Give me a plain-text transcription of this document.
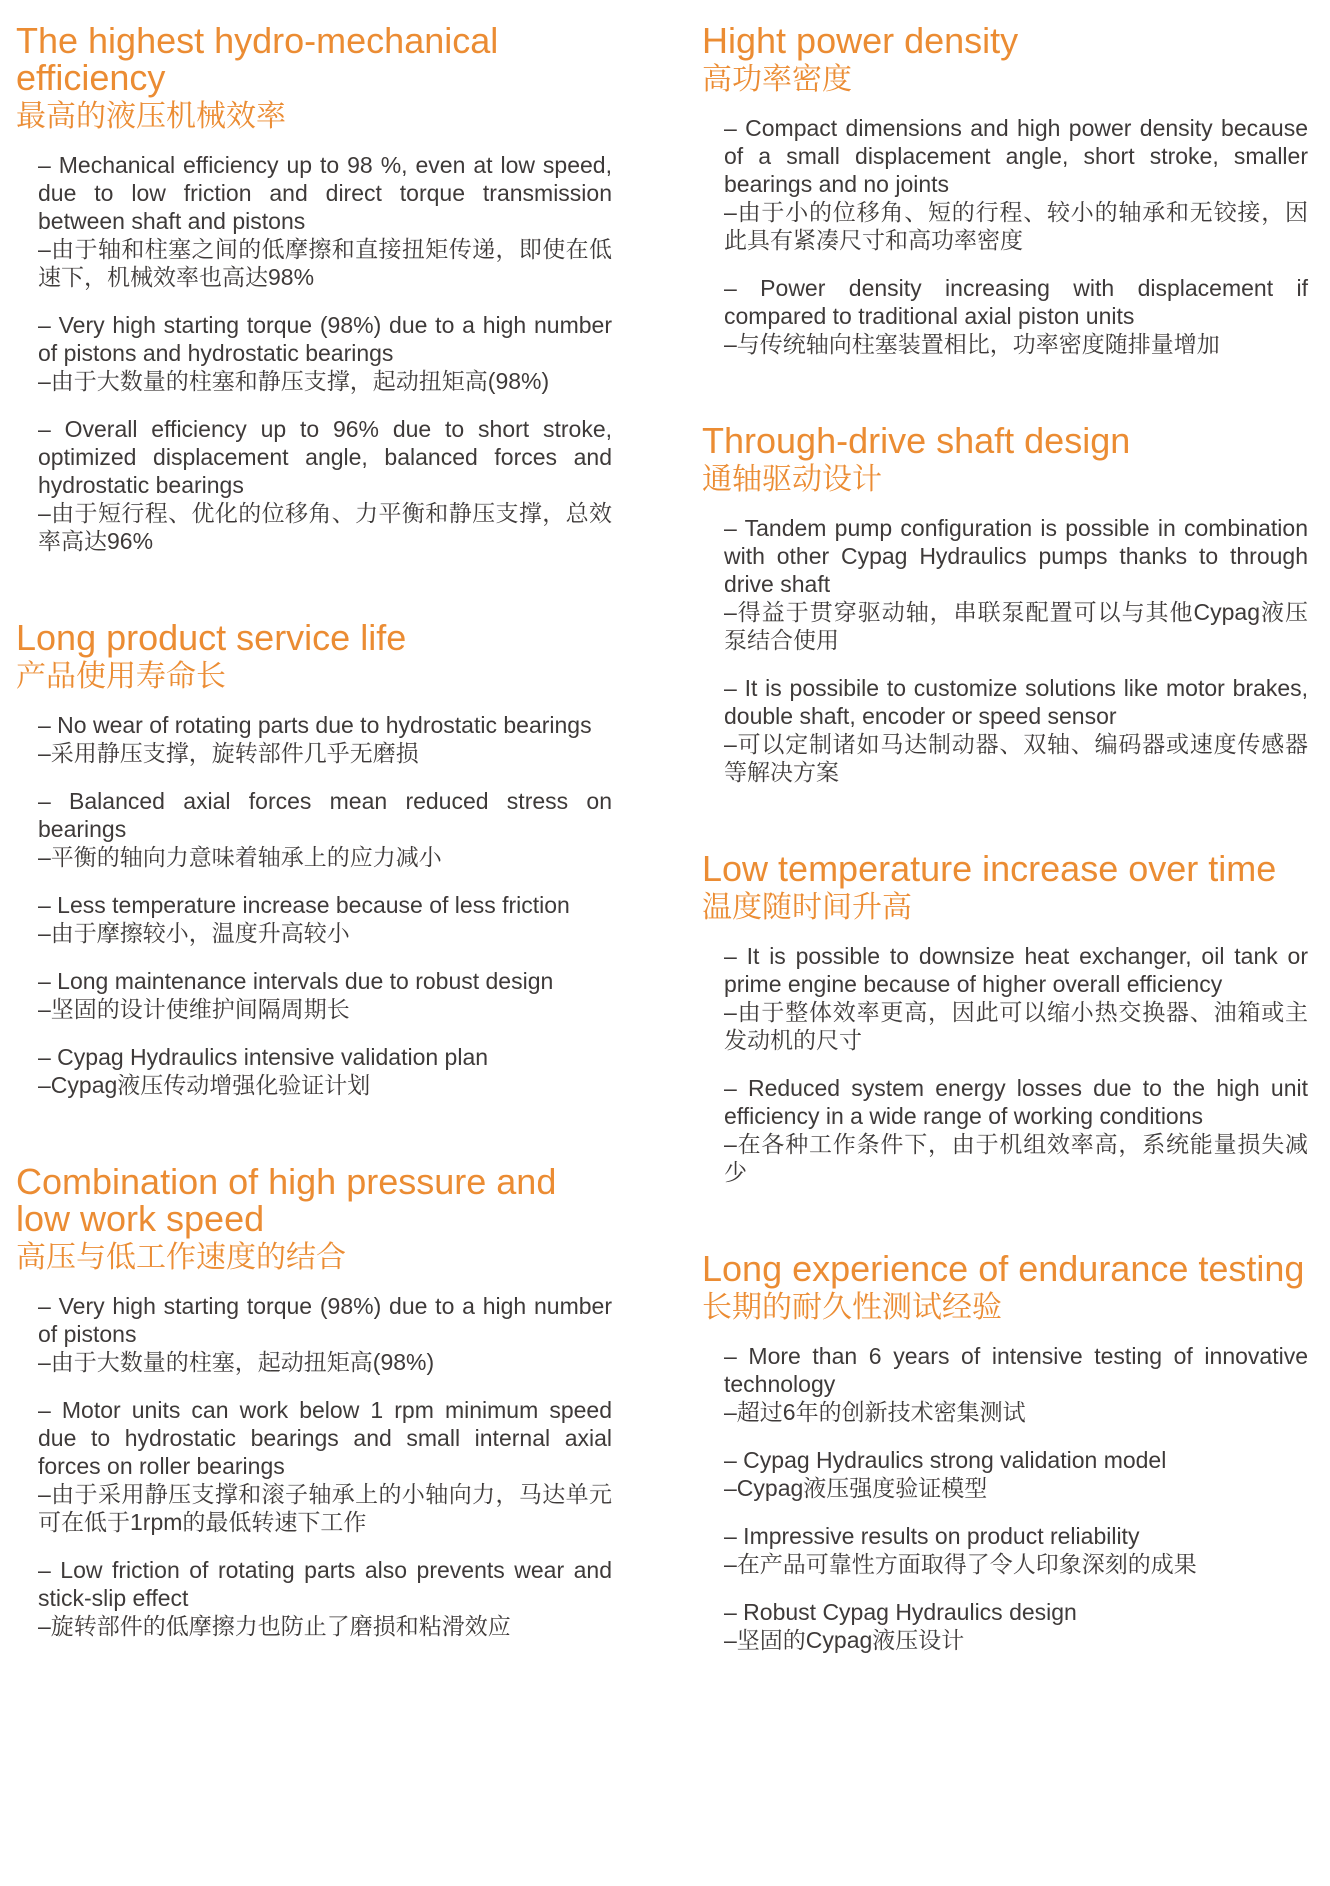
The highest hydro-mechanical efficiency
最高的液压机械效率

– Mechanical efficiency up to 98 %, even at low speed, due to low friction and direct torque transmission between shaft and pistons

–由于轴和柱塞之间的低摩擦和直接扭矩传递，即使在低速下，机械效率也高达98%

– Very high starting torque (98%) due to a high number of pistons and hydrostatic bearings

–由于大数量的柱塞和静压支撑，起动扭矩高(98%)

– Overall efficiency up to 96% due to short stroke, optimized displacement angle, balanced forces and hydrostatic bearings

–由于短行程、优化的位移角、力平衡和静压支撑，总效率高达96%

Long product service life
产品使用寿命长

– No wear of rotating parts due to hydrostatic bearings

–采用静压支撑，旋转部件几乎无磨损

– Balanced axial forces mean reduced stress on bearings

–平衡的轴向力意味着轴承上的应力减小

– Less temperature increase because of less friction

–由于摩擦较小，温度升高较小

– Long maintenance intervals due to robust design

–坚固的设计使维护间隔周期长

– Cypag Hydraulics intensive validation plan

–Cypag液压传动增强化验证计划

Combination of high pressure and low work speed
高压与低工作速度的结合

– Very high starting torque (98%) due to a high number of pistons

–由于大数量的柱塞，起动扭矩高(98%)

– Motor units can work below 1 rpm minimum speed due to hydrostatic bearings and small internal axial forces on roller bearings

–由于采用静压支撑和滚子轴承上的小轴向力，马达单元可在低于1rpm的最低转速下工作

– Low friction of rotating parts also prevents wear and stick-slip effect

–旋转部件的低摩擦力也防止了磨损和粘滑效应

Hight power density
高功率密度

– Compact dimensions and high power density because of a small displacement angle, short stroke, smaller bearings and no joints

–由于小的位移角、短的行程、较小的轴承和无铰接，因此具有紧凑尺寸和高功率密度

– Power density increasing with displacement if compared to traditional axial piston units

–与传统轴向柱塞装置相比，功率密度随排量增加

Through-drive shaft design
通轴驱动设计

– Tandem pump configuration is possible in combination with other Cypag Hydraulics pumps thanks to through drive shaft

–得益于贯穿驱动轴，串联泵配置可以与其他Cypag液压泵结合使用

– It is possibile to customize solutions like motor brakes, double shaft, encoder or speed sensor

–可以定制诸如马达制动器、双轴、编码器或速度传感器等解决方案

Low temperature increase over time
温度随时间升高

– It is possible to downsize heat exchanger, oil tank or prime engine because of higher overall efficiency

–由于整体效率更高，因此可以缩小热交换器、油箱或主发动机的尺寸

– Reduced system energy losses due to the high unit efficiency in a wide range of working conditions

–在各种工作条件下，由于机组效率高，系统能量损失减少

Long experience of endurance testing
长期的耐久性测试经验

– More than 6 years of intensive testing of innovative technology

–超过6年的创新技术密集测试

– Cypag Hydraulics strong validation model

–Cypag液压强度验证模型

– Impressive results on product reliability

–在产品可靠性方面取得了令人印象深刻的成果

– Robust Cypag Hydraulics design

–坚固的Cypag液压设计
